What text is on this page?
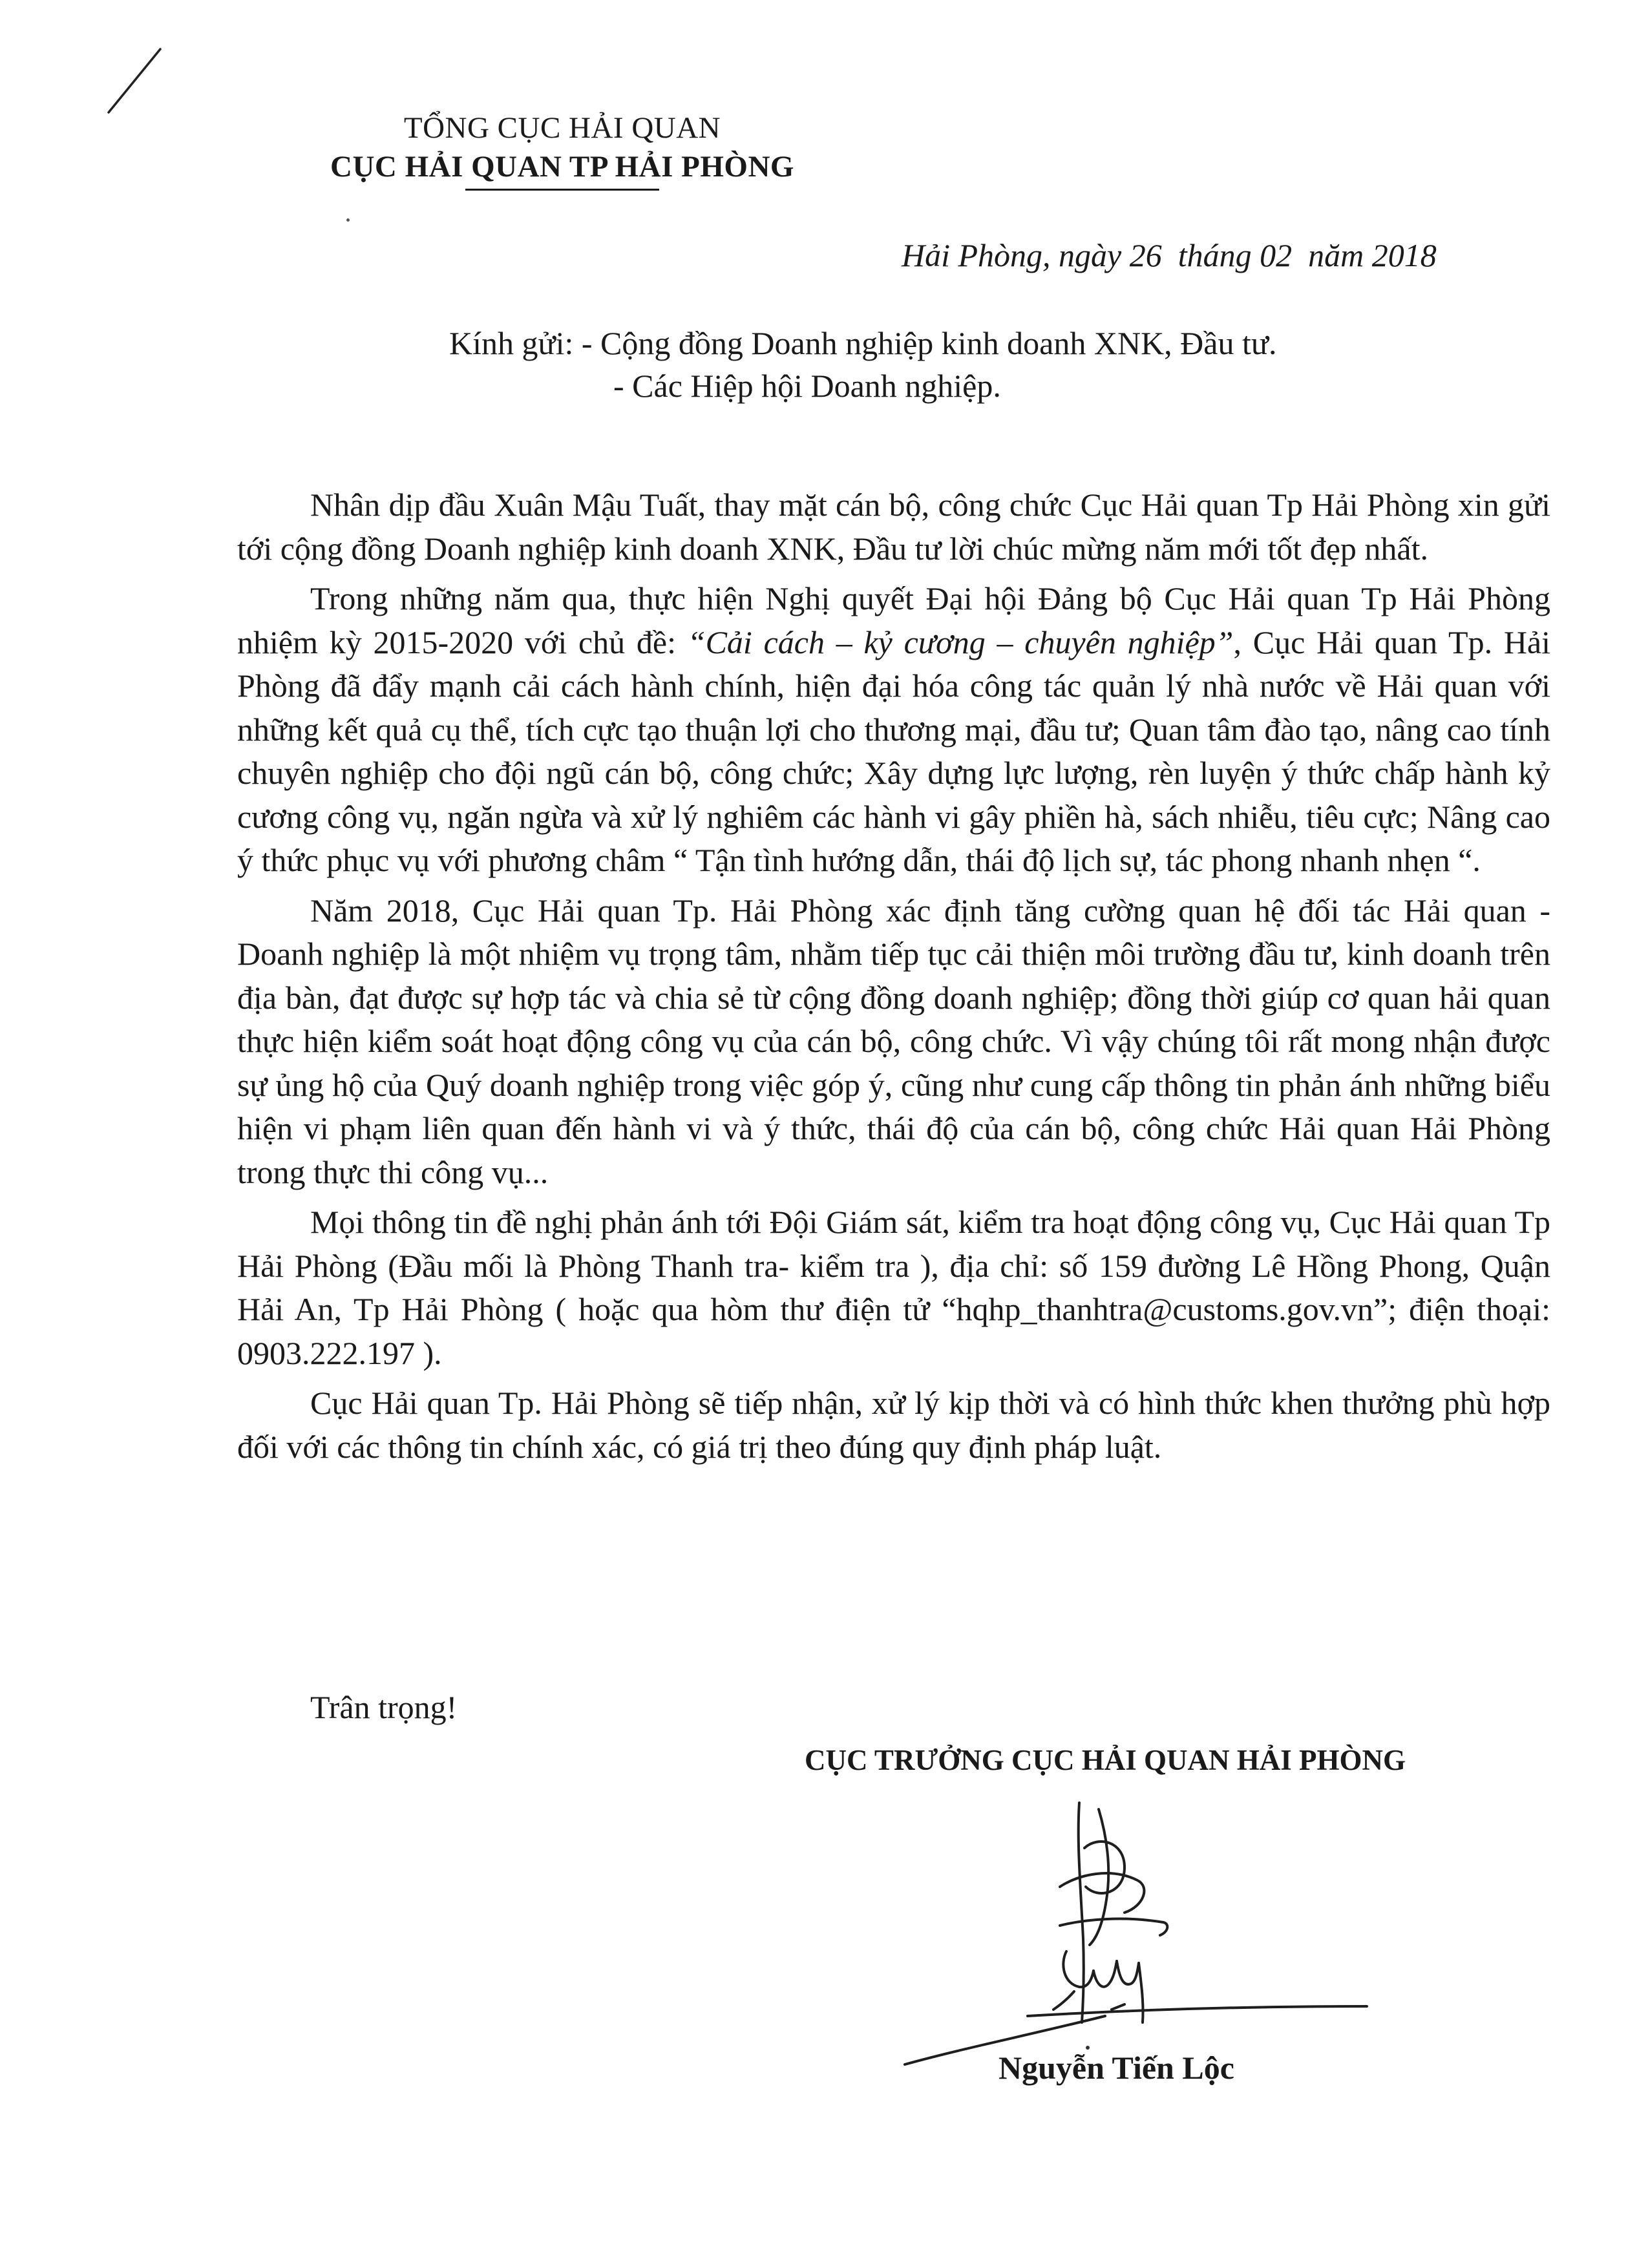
TỔNG CỤC HẢI QUAN
CỤC HẢI QUAN TP HẢI PHÒNG
Hải Phòng, ngày 26  tháng 02  năm 2018
Kính gửi: - Cộng đồng Doanh nghiệp kinh doanh XNK, Đầu tư.
- Các Hiệp hội Doanh nghiệp.

Nhân dịp đầu Xuân Mậu Tuất, thay mặt cán bộ, công chức Cục Hải quan Tp Hải Phòng xin gửi tới cộng đồng Doanh nghiệp kinh doanh XNK, Đầu tư lời chúc mừng năm mới tốt đẹp nhất.

Trong những năm qua, thực hiện Nghị quyết Đại hội Đảng bộ Cục Hải quan Tp Hải Phòng nhiệm kỳ 2015-2020 với chủ đề: “Cải cách – kỷ cương – chuyên nghiệp”, Cục Hải quan Tp. Hải Phòng đã đẩy mạnh cải cách hành chính, hiện đại hóa công tác quản lý nhà nước về Hải quan với những kết quả cụ thể, tích cực tạo thuận lợi cho thương mại, đầu tư; Quan tâm đào tạo, nâng cao tính chuyên nghiệp cho đội ngũ cán bộ, công chức; Xây dựng lực lượng, rèn luyện ý thức chấp hành kỷ cương công vụ, ngăn ngừa và xử lý nghiêm các hành vi gây phiền hà, sách nhiễu, tiêu cực; Nâng cao ý thức phục vụ với phương châm “ Tận tình hướng dẫn, thái độ lịch sự, tác phong nhanh nhẹn “.

Năm 2018, Cục Hải quan Tp. Hải Phòng xác định tăng cường quan hệ đối tác Hải quan - Doanh nghiệp là một nhiệm vụ trọng tâm, nhằm tiếp tục cải thiện môi trường đầu tư, kinh doanh trên địa bàn, đạt được sự hợp tác và chia sẻ từ cộng đồng doanh nghiệp; đồng thời giúp cơ quan hải quan thực hiện kiểm soát hoạt động công vụ của cán bộ, công chức. Vì vậy chúng tôi rất mong nhận được sự ủng hộ của Quý doanh nghiệp trong việc góp ý, cũng như cung cấp thông tin phản ánh những biểu hiện vi phạm liên quan đến hành vi và ý thức, thái độ của cán bộ, công chức Hải quan Hải Phòng trong thực thi công vụ...

Mọi thông tin đề nghị phản ánh tới Đội Giám sát, kiểm tra hoạt động công vụ, Cục Hải quan Tp Hải Phòng (Đầu mối là Phòng Thanh tra- kiểm tra ), địa chỉ: số 159 đường Lê Hồng Phong, Quận Hải An, Tp Hải Phòng ( hoặc qua hòm thư điện tử “hqhp_thanhtra@customs.gov.vn”; điện thoại: 0903.222.197 ).

Cục Hải quan Tp. Hải Phòng sẽ tiếp nhận, xử lý kịp thời và có hình thức khen thưởng phù hợp đối với các thông tin chính xác, có giá trị theo đúng quy định pháp luật.

Trân trọng!
CỤC TRƯỞNG CỤC HẢI QUAN HẢI PHÒNG
Nguyễn Tiến Lộc
